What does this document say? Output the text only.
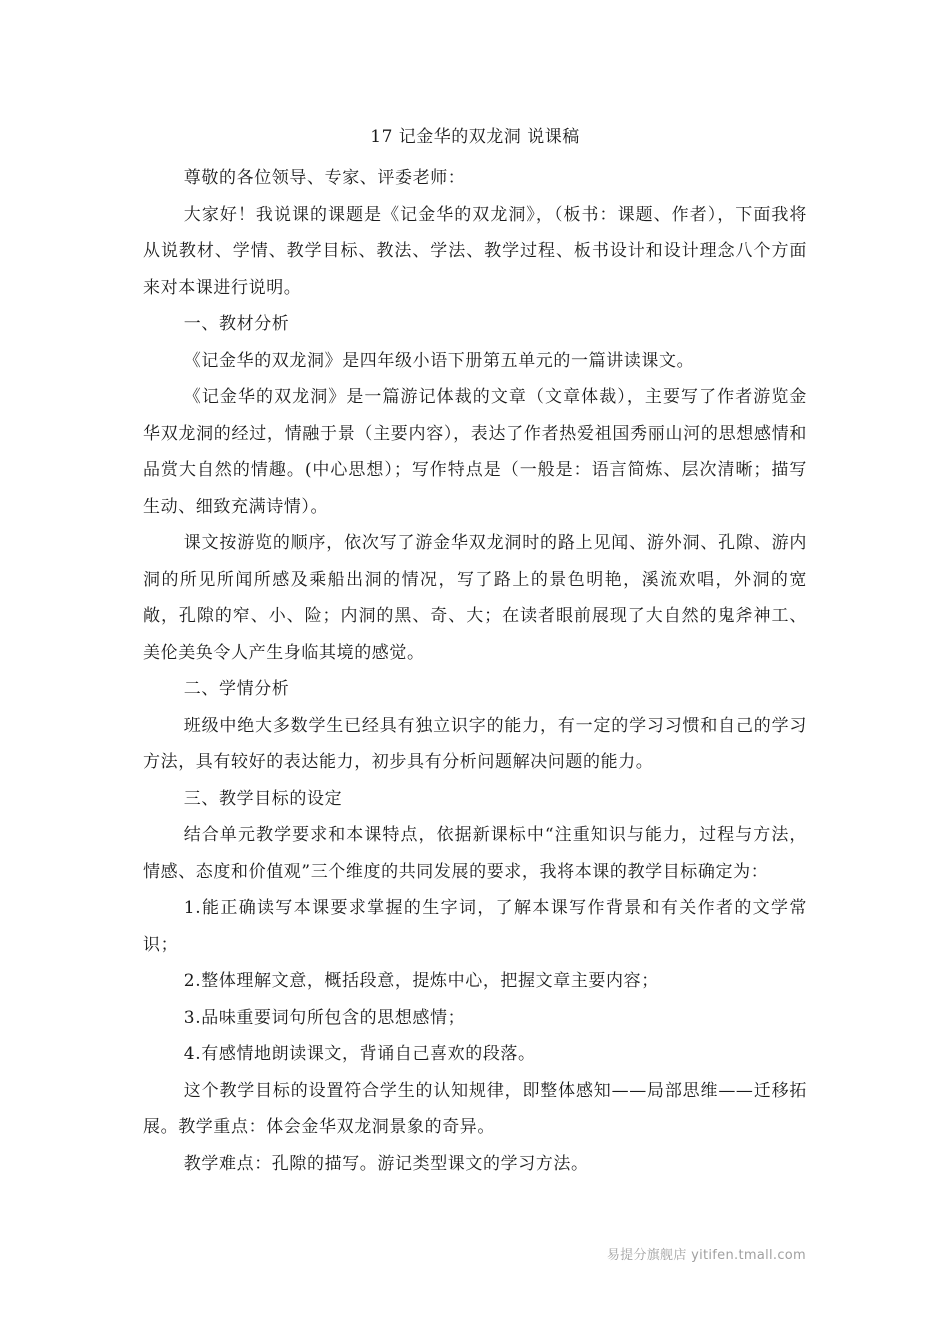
17 记金华的双龙洞 说课稿

尊敬的各位领导、专家、评委老师：

大家好！我说课的课题是《记金华的双龙洞》，（板书：课题、作者），下面我将从说教材、学情、教学目标、教法、学法、教学过程、板书设计和设计理念八个方面来对本课进行说明。

一、教材分析

《记金华的双龙洞》是四年级小语下册第五单元的一篇讲读课文。

《记金华的双龙洞》是一篇游记体裁的文章（文章体裁），主要写了作者游览金华双龙洞的经过，情融于景（主要内容），表达了作者热爱祖国秀丽山河的思想感情和品赏大自然的情趣。(中心思想）；写作特点是（一般是：语言简炼、层次清晰；描写生动、细致充满诗情）。

课文按游览的顺序，依次写了游金华双龙洞时的路上见闻、游外洞、孔隙、游内洞的所见所闻所感及乘船出洞的情况，写了路上的景色明艳，溪流欢唱，外洞的宽敞，孔隙的窄、小、险；内洞的黑、奇、大；在读者眼前展现了大自然的鬼斧神工、美伦美奂令人产生身临其境的感觉。

二、学情分析

班级中绝大多数学生已经具有独立识字的能力，有一定的学习习惯和自己的学习方法，具有较好的表达能力，初步具有分析问题解决问题的能力。

三、教学目标的设定

结合单元教学要求和本课特点，依据新课标中“注重知识与能力，过程与方法，情感、态度和价值观”三个维度的共同发展的要求，我将本课的教学目标确定为：

1.能正确读写本课要求掌握的生字词，了解本课写作背景和有关作者的文学常识；

2.整体理解文意，概括段意，提炼中心，把握文章主要内容；

3.品味重要词句所包含的思想感情；

4.有感情地朗读课文，背诵自己喜欢的段落。

这个教学目标的设置符合学生的认知规律，即整体感知——局部思维——迁移拓展。教学重点：体会金华双龙洞景象的奇异。

教学难点：孔隙的描写。游记类型课文的学习方法。

易提分旗舰店 yitifen.tmall.com
